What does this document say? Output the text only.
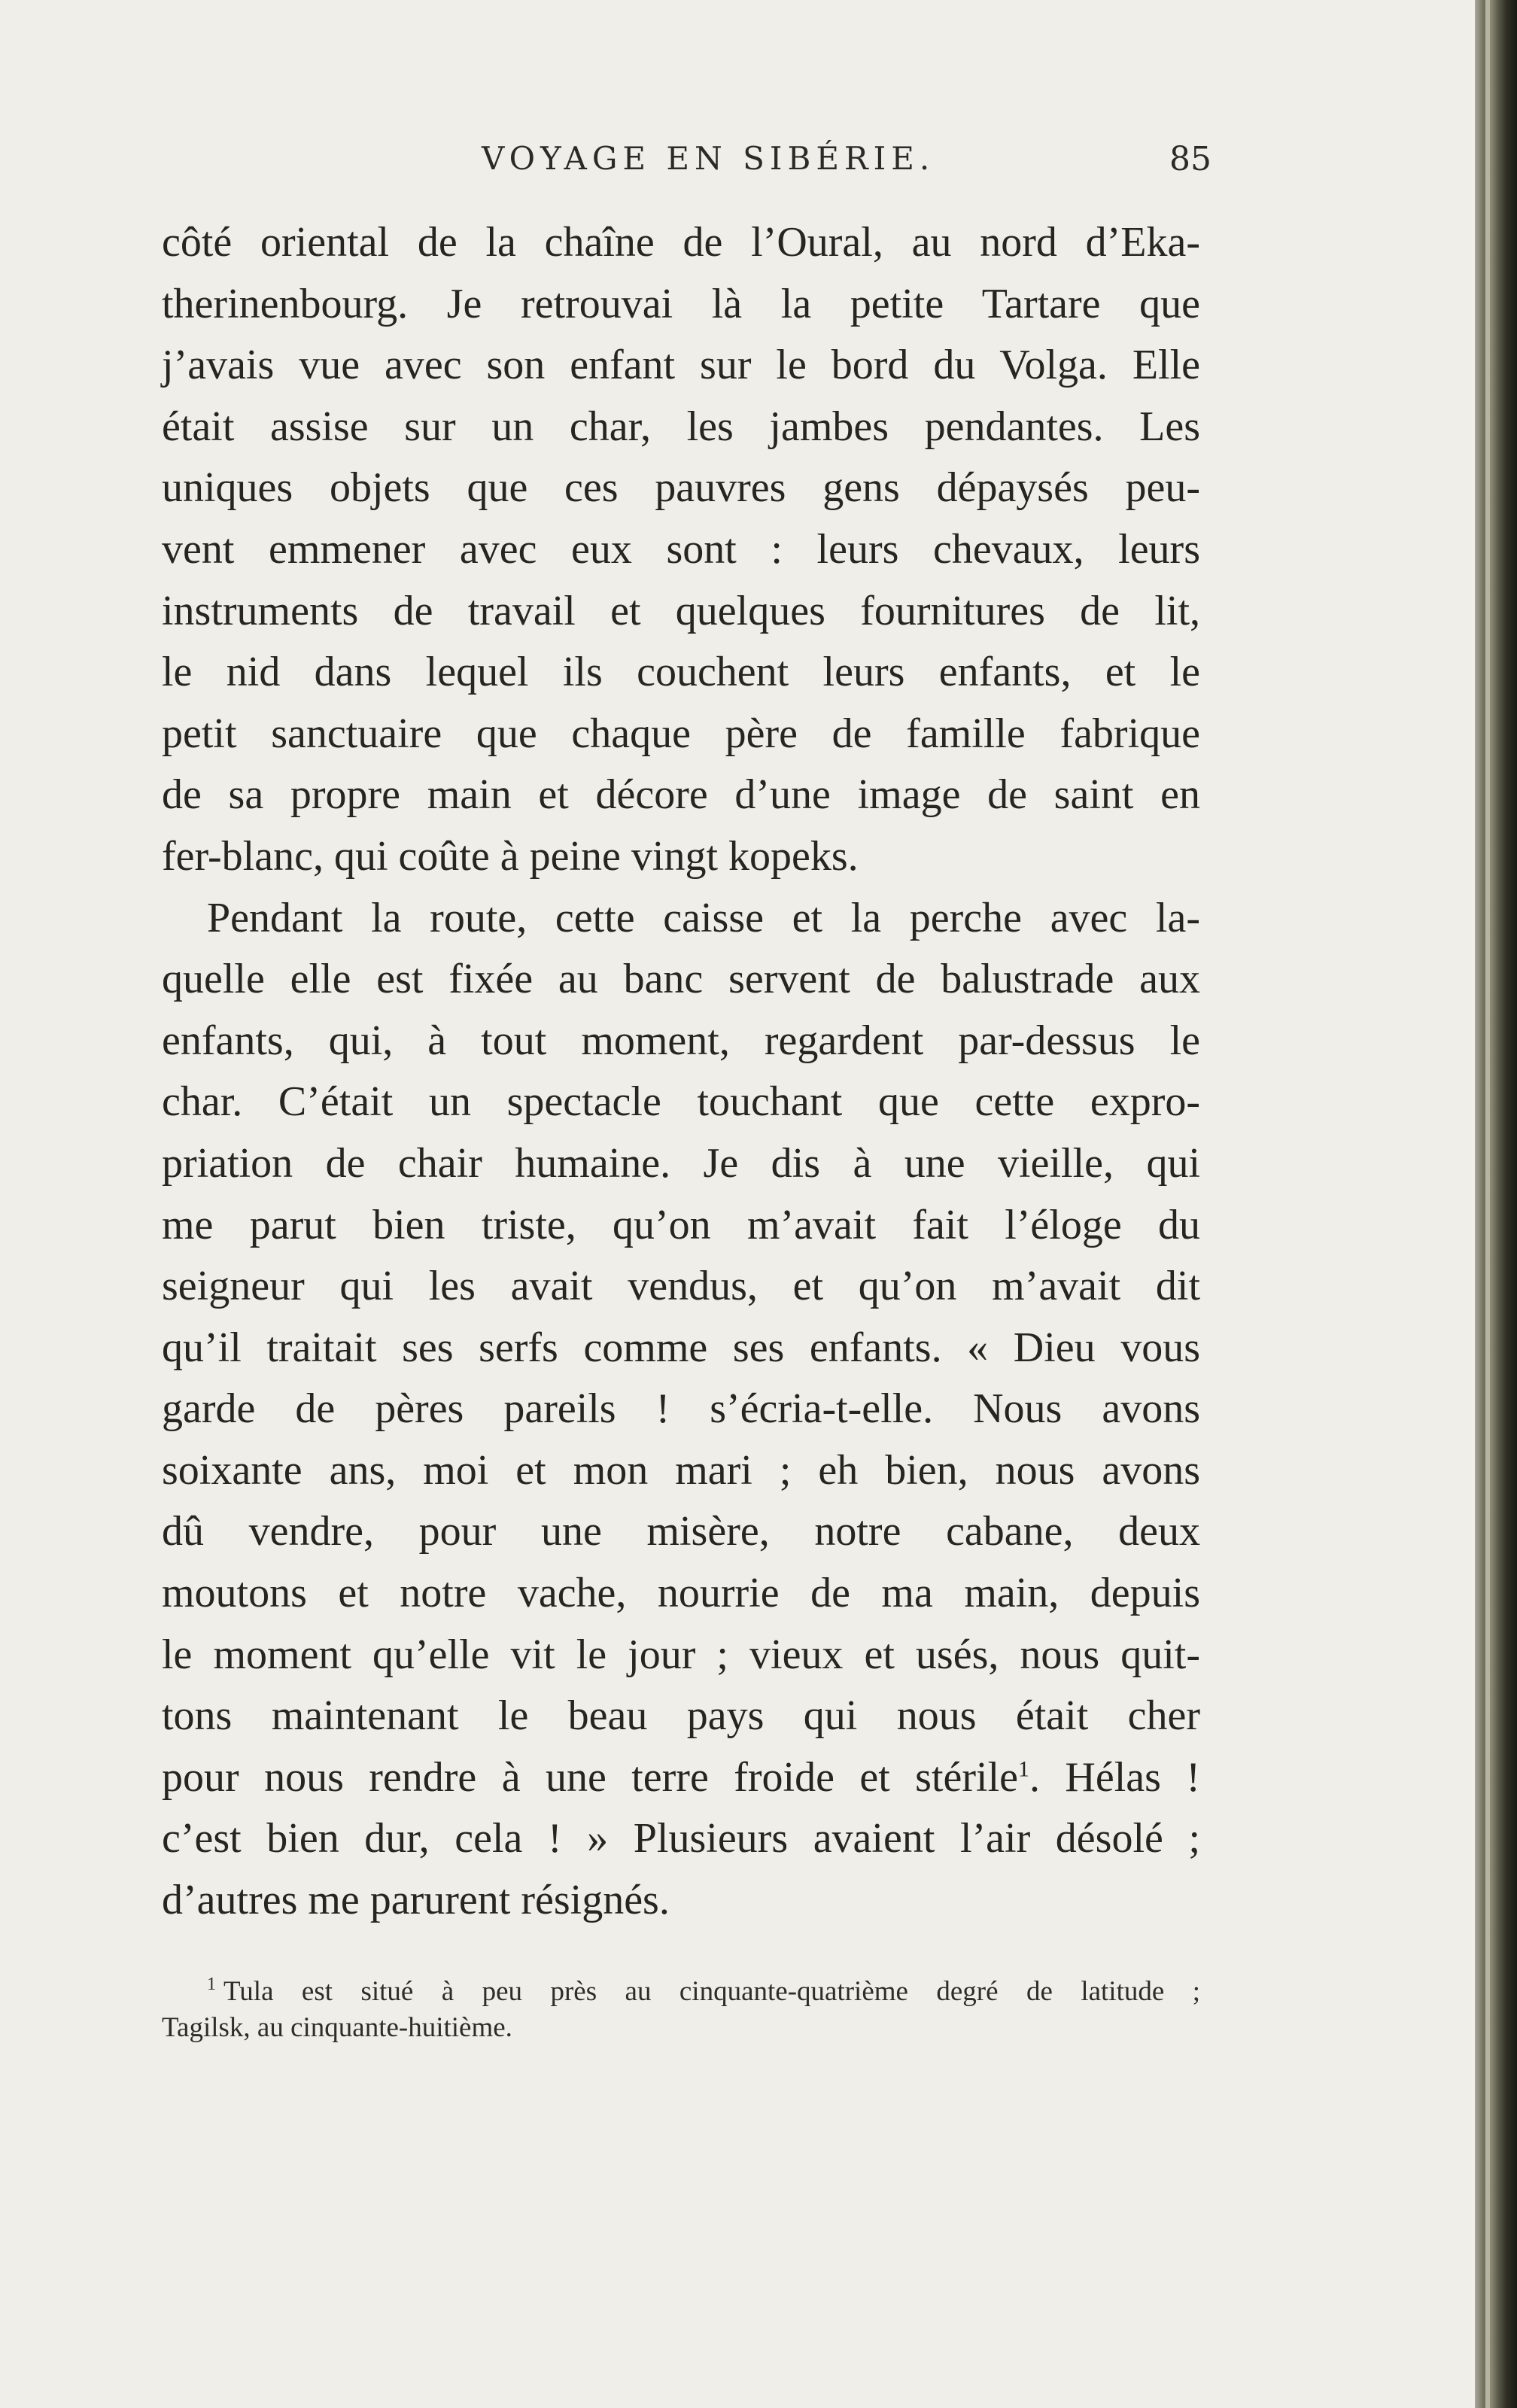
VOYAGE EN SIBÉRIE.	85
côté oriental de la chaîne de l’Oural, au nord d’Eka-
therinenbourg. Je retrouvai là la petite Tartare que
j’avais vue avec son enfant sur le bord du Volga. Elle
était assise sur un char, les jambes pendantes. Les
uniques objets que ces pauvres gens dépaysés peu-
vent emmener avec eux sont : leurs chevaux, leurs
instruments de travail et quelques fournitures de lit,
le nid dans lequel ils couchent leurs enfants, et le
petit sanctuaire que chaque père de famille fabrique
de sa propre main et décore d’une image de saint en
fer-blanc, qui coûte à peine vingt kopeks.
Pendant la route, cette caisse et la perche avec la-
quelle elle est fixée au banc servent de balustrade aux
enfants, qui, à tout moment, regardent par-dessus le
char. C’était un spectacle touchant que cette expro-
priation de chair humaine. Je dis à une vieille, qui
me parut bien triste, qu’on m’avait fait l’éloge du
seigneur qui les avait vendus, et qu’on m’avait dit
qu’il traitait ses serfs comme ses enfants. « Dieu vous
garde de pères pareils ! s’écria-t-elle. Nous avons
soixante ans, moi et mon mari ; eh bien, nous avons
dû vendre, pour une misère, notre cabane, deux
moutons et notre vache, nourrie de ma main, depuis
le moment qu’elle vit le jour ; vieux et usés, nous quit-
tons maintenant le beau pays qui nous était cher
pour nous rendre à une terre froide et stérile$^1$. Hélas !
c’est bien dur, cela ! » Plusieurs avaient l’air désolé ;
d’autres me parurent résignés.
$^1$ Tula est situé à peu près au cinquante-quatrième degré de latitude ;
Tagilsk, au cinquante-huitième.
